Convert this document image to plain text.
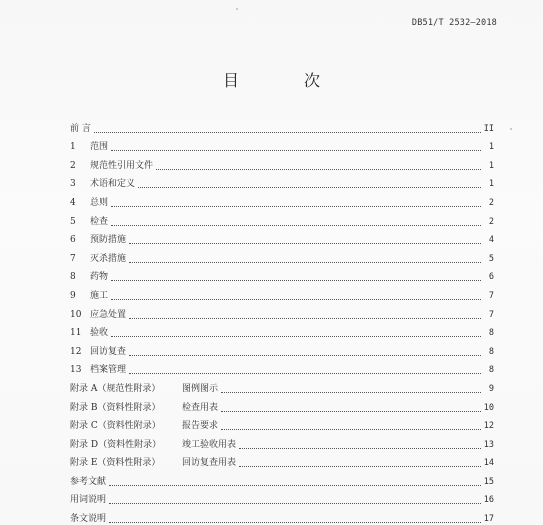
DB51/T 2532—2018
目 次
前 言	II
1 范围	1
2 规范性引用文件	1
3 术语和定义	1
4 总则	2
5 检查	2
6 预防措施	4
7 灭杀措施	5
8 药物	6
9 施工	7
10 应急处置	7
11 验收	8
12 回访复查	8
13 档案管理	8
附录 A（规范性附录） 图例图示	9
附录 B（资料性附录） 检查用表	10
附录 C（资料性附录） 报告要求	12
附录 D（资料性附录） 竣工验收用表	13
附录 E（资料性附录） 回访复查用表	14
参考文献	15
用词说明	16
条文说明	17
